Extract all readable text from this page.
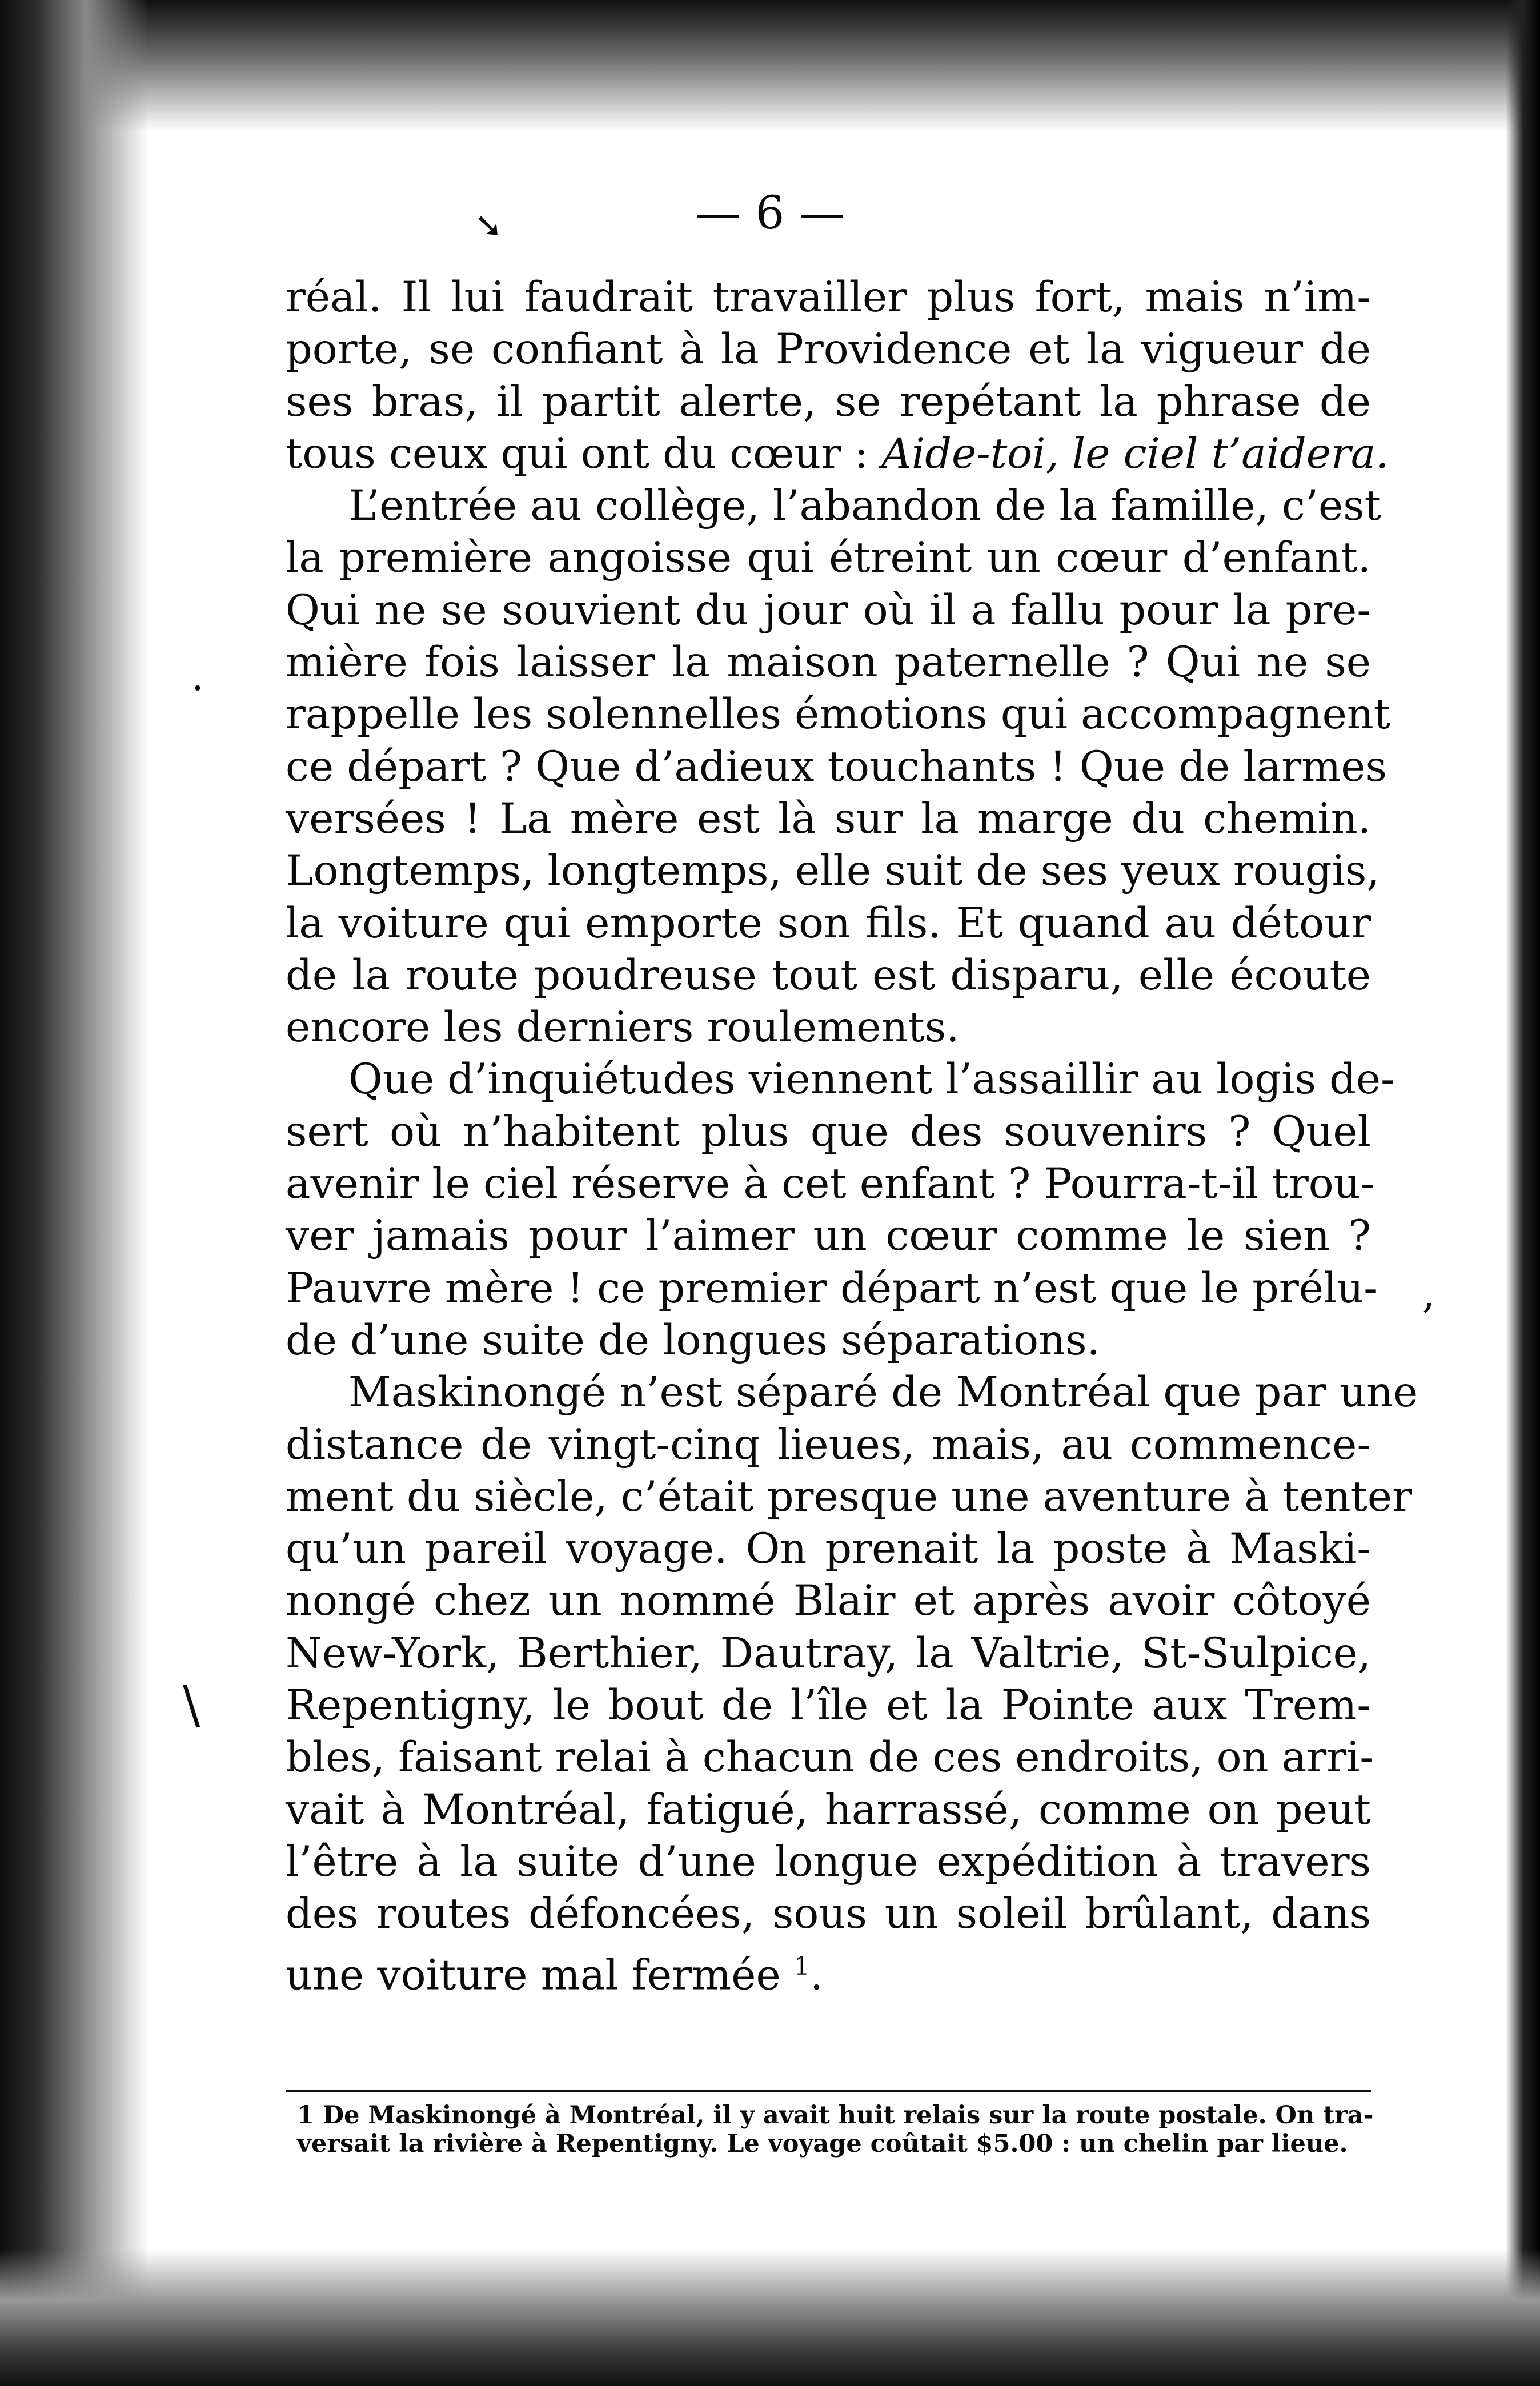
➘
·
,
\
— 6 —
réal. Il lui faudrait travailler plus fort, mais n’im-
porte, se confiant à la Providence et la vigueur de
ses bras, il partit alerte, se repétant la phrase de
tous ceux qui ont du cœur : Aide-toi, le ciel t’aidera.
L’entrée au collège, l’abandon de la famille, c’est
la première angoisse qui étreint un cœur d’enfant.
Qui ne se souvient du jour où il a fallu pour la pre-
mière fois laisser la maison paternelle ? Qui ne se
rappelle les solennelles émotions qui accompagnent
ce départ ? Que d’adieux touchants ! Que de larmes
versées ! La mère est là sur la marge du chemin.
Longtemps, longtemps, elle suit de ses yeux rougis,
la voiture qui emporte son fils. Et quand au détour
de la route poudreuse tout est disparu, elle écoute
encore les derniers roulements.
Que d’inquiétudes viennent l’assaillir au logis de-
sert où n’habitent plus que des souvenirs ? Quel
avenir le ciel réserve à cet enfant ? Pourra-t-il trou-
ver jamais pour l’aimer un cœur comme le sien ?
Pauvre mère ! ce premier départ n’est que le prélu-
de d’une suite de longues séparations.
Maskinongé n’est séparé de Montréal que par une
distance de vingt-cinq lieues, mais, au commence-
ment du siècle, c’était presque une aventure à tenter
qu’un pareil voyage. On prenait la poste à Maski-
nongé chez un nommé Blair et après avoir côtoyé
New-York, Berthier, Dautray, la Valtrie, St-Sulpice,
Repentigny, le bout de l’île et la Pointe aux Trem-
bles, faisant relai à chacun de ces endroits, on arri-
vait à Montréal, fatigué, harrassé, comme on peut
l’être à la suite d’une longue expédition à travers
des routes défoncées, sous un soleil brûlant, dans
une voiture mal fermée $^1$.
1 De Maskinongé à Montréal, il y avait huit relais sur la route postale. On tra-
versait la rivière à Repentigny. Le voyage coûtait $5.00 : un chelin par lieue.
